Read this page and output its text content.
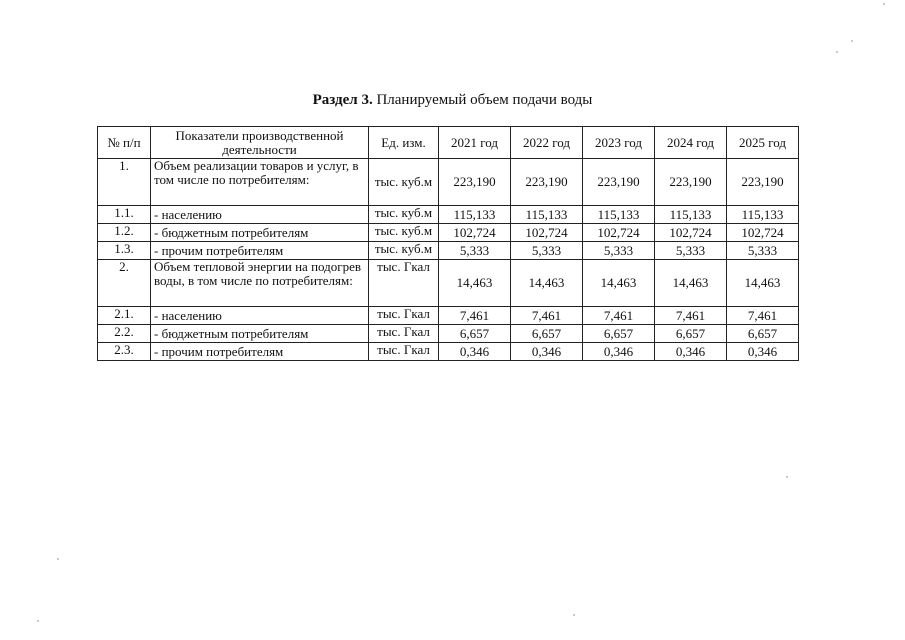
Раздел 3. Планируемый объем подачи воды
№ п/п	Показатели производственной деятельности	Ед. изм.	2021 год	2022 год	2023 год	2024 год	2025 год
1.	Объем реализации товаров и услуг, в том числе по потребителям:	тыс. куб.м	223,190	223,190	223,190	223,190	223,190
1.1.	- населению	тыс. куб.м	115,133	115,133	115,133	115,133	115,133
1.2.	- бюджетным потребителям	тыс. куб.м	102,724	102,724	102,724	102,724	102,724
1.3.	- прочим потребителям	тыс. куб.м	5,333	5,333	5,333	5,333	5,333
2.	Объем тепловой энергии на подогрев воды, в том числе по потребителям:	тыс. Гкал	14,463	14,463	14,463	14,463	14,463
2.1.	- населению	тыс. Гкал	7,461	7,461	7,461	7,461	7,461
2.2.	- бюджетным потребителям	тыс. Гкал	6,657	6,657	6,657	6,657	6,657
2.3.	- прочим потребителям	тыс. Гкал	0,346	0,346	0,346	0,346	0,346
